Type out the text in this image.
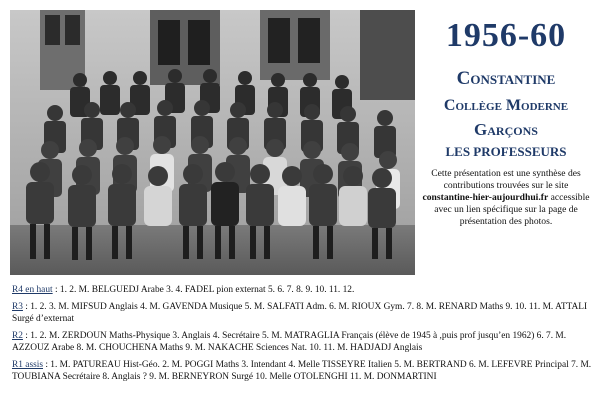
1956-60
Constantine
Collège Moderne
Garçons
LES PROFESSEURS
Cette présentation est une synthèse des contributions trouvées sur le site constantine-hier-aujourdhui.fr accessible avec un lien spécifique sur la page de présentation des photos.
R4 en haut : 1. 2. M. BELGUEDJ Arabe 3. 4. FADEL pion externat 5. 6. 7. 8. 9. 10. 11. 12.
R3 : 1. 2. 3. M. MIFSUD Anglais 4. M. GAVENDA Musique 5. M. SALFATI Adm. 6. M. RIOUX Gym. 7. 8. M. RENARD Maths 9. 10. 11. M. ATTALI Surgé d’externat
R2 : 1. 2. M. ZERDOUN Maths-Physique 3. Anglais 4. Secrétaire 5. M. MATRAGLIA Français (élève de 1945 à ,puis prof jusqu’en 1962) 6. 7. M. AZZOUZ Arabe 8. M. CHOUCHENA Maths 9. M. NAKACHE Sciences Nat. 10. 11. M. HADJADJ Anglais
R1 assis : 1. M. PATUREAU Hist-Géo. 2. M. POGGI Maths 3. Intendant 4. Melle TISSEYRE Italien 5. M. BERTRAND 6. M. LEFEVRE Principal 7. M. TOUBIANA Secrétaire 8. Anglais ? 9. M. BERNEYRON Surgé 10. Melle OTOLENGHI 11. M. DONMARTINI
